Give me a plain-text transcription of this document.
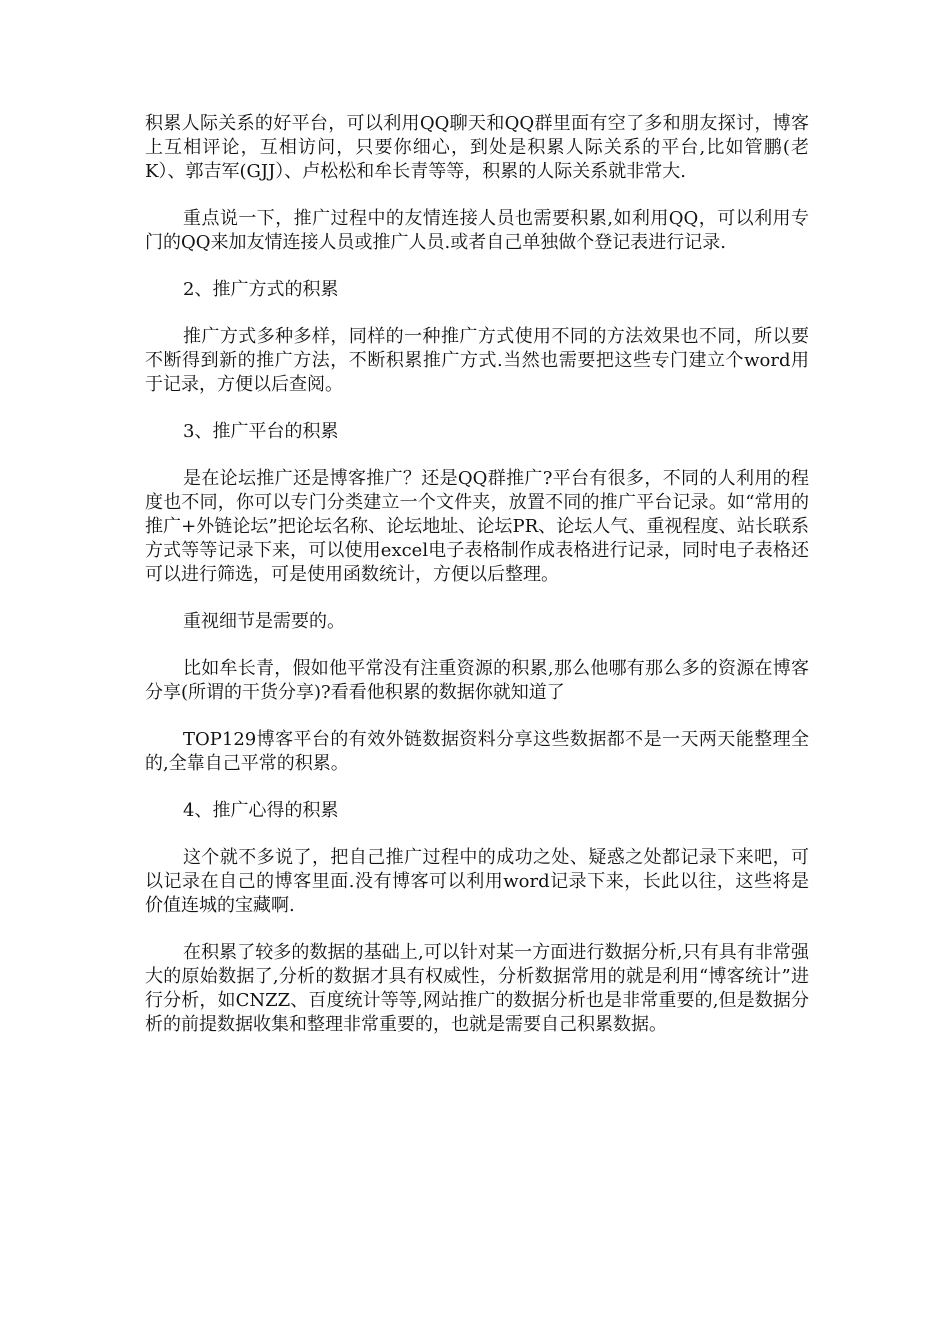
积累人际关系的好平台，可以利用QQ聊天和QQ群里面有空了多和朋友探讨，博客上互相评论，互相访问，只要你细心，到处是积累人际关系的平台,比如管鹏(老K）、郭吉军(GJJ）、卢松松和牟长青等等，积累的人际关系就非常大.

重点说一下，推广过程中的友情连接人员也需要积累,如利用QQ，可以利用专门的QQ来加友情连接人员或推广人员.或者自己单独做个登记表进行记录.

2、推广方式的积累

推广方式多种多样，同样的一种推广方式使用不同的方法效果也不同，所以要不断得到新的推广方法，不断积累推广方式.当然也需要把这些专门建立个word用于记录，方便以后查阅。

3、推广平台的积累

是在论坛推广还是博客推广？还是QQ群推广?平台有很多，不同的人利用的程度也不同，你可以专门分类建立一个文件夹，放置不同的推广平台记录。如“常用的推广+外链论坛”把论坛名称、论坛地址、论坛PR、论坛人气、重视程度、站长联系方式等等记录下来，可以使用excel电子表格制作成表格进行记录，同时电子表格还可以进行筛选，可是使用函数统计，方便以后整理。

重视细节是需要的。

比如牟长青，假如他平常没有注重资源的积累,那么他哪有那么多的资源在博客分享(所谓的干货分享)?看看他积累的数据你就知道了

TOP129博客平台的有效外链数据资料分享这些数据都不是一天两天能整理全的,全靠自己平常的积累。

4、推广心得的积累

这个就不多说了，把自己推广过程中的成功之处、疑惑之处都记录下来吧，可以记录在自己的博客里面.没有博客可以利用word记录下来，长此以往，这些将是价值连城的宝藏啊.

在积累了较多的数据的基础上,可以针对某一方面进行数据分析,只有具有非常强大的原始数据了,分析的数据才具有权威性，分析数据常用的就是利用“博客统计”进行分析，如CNZZ、百度统计等等,网站推广的数据分析也是非常重要的,但是数据分析的前提数据收集和整理非常重要的，也就是需要自己积累数据。
